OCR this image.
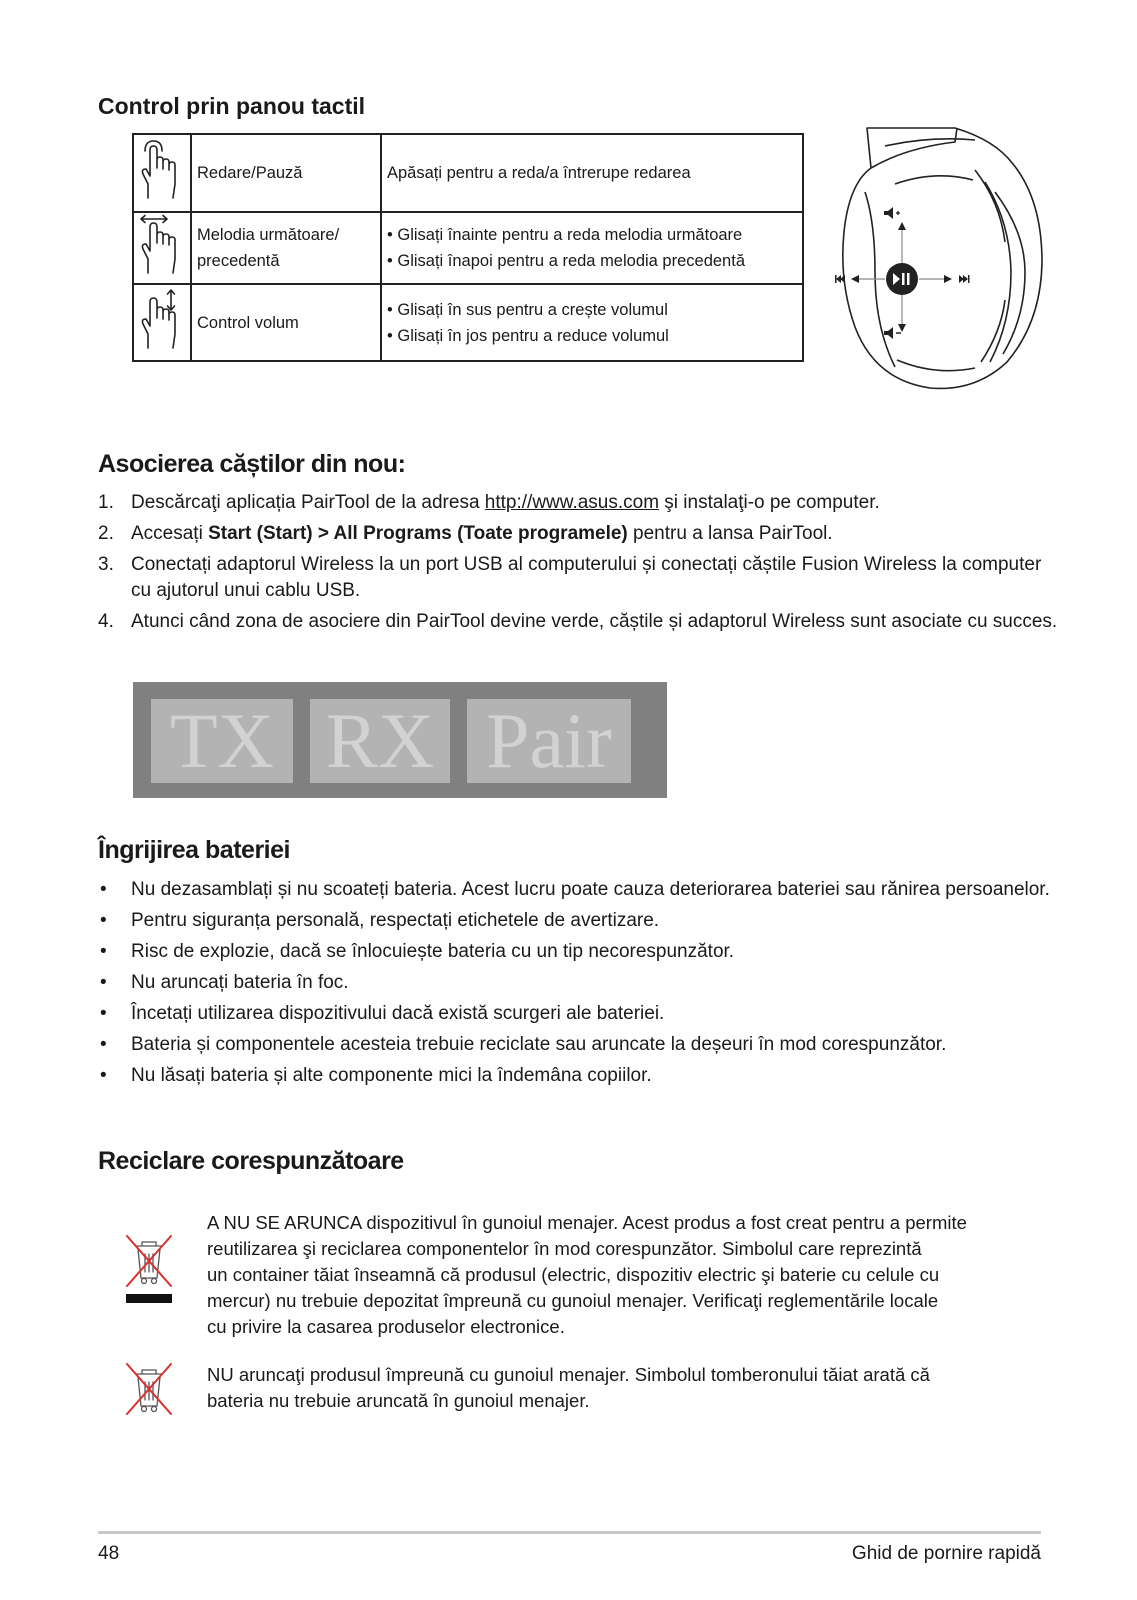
Control prin panou tactil

Redare/Pauză	Apăsați pentru a reda/a întrerupe redarea

Melodia următoare/
precedentă	• Glisați înainte pentru a reda melodia următoare
• Glisați înapoi pentru a reda melodia precedentă

Control volum	• Glisați în sus pentru a crește volumul
• Glisați în jos pentru a reduce volumul
Asocierea căștilor din nou:
1. Descărcaţi aplicația PairTool de la adresa http://www.asus.com şi instalaţi-o pe computer.
2. Accesați Start (Start) > All Programs (Toate programele) pentru a lansa PairTool.
3. Conectați adaptorul Wireless la un port USB al computerului și conectați căștile Fusion Wireless la computer cu ajutorul unui cablu USB.
4. Atunci când zona de asociere din PairTool devine verde, căștile și adaptorul Wireless sunt asociate cu succes.
TX RX Pair
Îngrijirea bateriei
• Nu dezasamblați și nu scoateți bateria. Acest lucru poate cauza deteriorarea bateriei sau rănirea persoanelor.
• Pentru siguranța personală, respectați etichetele de avertizare.
• Risc de explozie, dacă se înlocuiește bateria cu un tip necorespunzător.
• Nu aruncați bateria în foc.
• Încetați utilizarea dispozitivului dacă există scurgeri ale bateriei.
• Bateria și componentele acesteia trebuie reciclate sau aruncate la deșeuri în mod corespunzător.
• Nu lăsați bateria și alte componente mici la îndemâna copiilor.
Reciclare corespunzătoare
A NU SE ARUNCA dispozitivul în gunoiul menajer. Acest produs a fost creat pentru a permite
reutilizarea şi reciclarea componentelor în mod corespunzător. Simbolul care reprezintă
un container tăiat înseamnă că produsul (electric, dispozitiv electric şi baterie cu celule cu
mercur) nu trebuie depozitat împreună cu gunoiul menajer. Verificaţi reglementările locale
cu privire la casarea produselor electronice.
NU aruncaţi produsul împreună cu gunoiul menajer. Simbolul tomberonului tăiat arată că
bateria nu trebuie aruncată în gunoiul menajer.
48	Ghid de pornire rapidă
